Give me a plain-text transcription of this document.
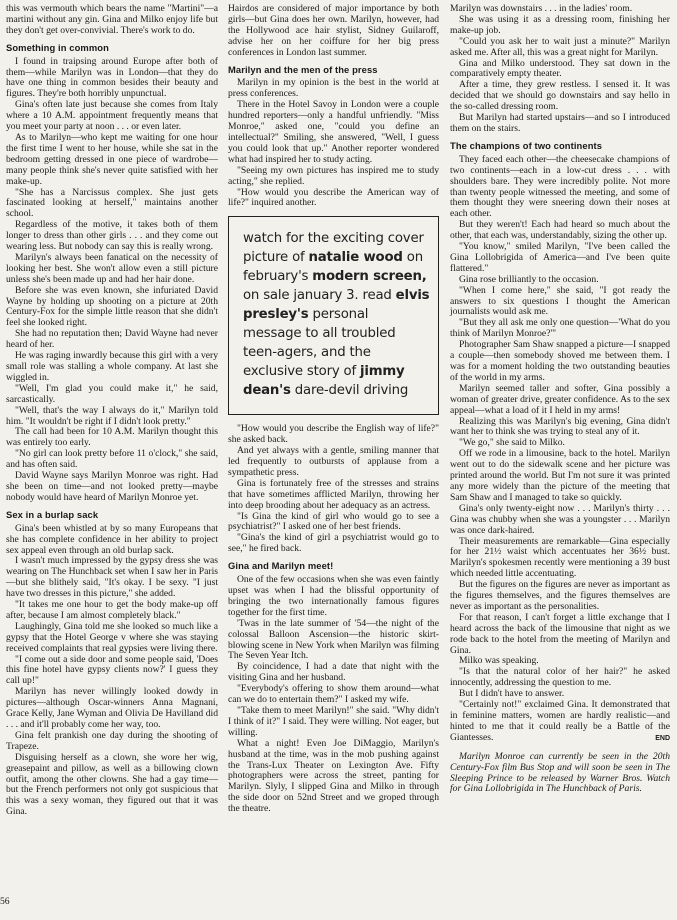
this was vermouth which bears the name "Martini"—a martini without any gin. Gina and Milko enjoy life but they don't get over-convivial. There's work to do.

Something in common

I found in traipsing around Europe after both of them—while Marilyn was in London—that they do have one thing in common besides their beauty and figures. They're both horribly unpunctual.

Gina's often late just because she comes from Italy where a 10 A.M. appointment frequently means that you meet your party at noon . . . or even later.

As to Marilyn—who kept me waiting for one hour the first time I went to her house, while she sat in the bedroom getting dressed in one piece of wardrobe—many people think she's never quite satisfied with her make-up.

"She has a Narcissus complex. She just gets fascinated looking at herself," maintains another school.

Regardless of the motive, it takes both of them longer to dress than other girls . . . and they come out wearing less. But nobody can say this is really wrong.

Marilyn's always been fanatical on the necessity of looking her best. She won't allow even a still picture unless she's been made up and had her hair done.

Before she was even known, she infuriated David Wayne by holding up shooting on a picture at 20th Century-Fox for the simple little reason that she didn't feel she looked right.

She had no reputation then; David Wayne had never heard of her.

He was raging inwardly because this girl with a very small role was stalling a whole company. At last she wiggled in.

"Well, I'm glad you could make it," he said, sarcastically.

"Well, that's the way I always do it," Marilyn told him. "It wouldn't be right if I didn't look pretty."

The call had been for 10 A.M. Marilyn thought this was entirely too early.

"No girl can look pretty before 11 o'clock," she said, and has often said.

David Wayne says Marilyn Monroe was right. Had she been on time—and not looked pretty—maybe nobody would have heard of Marilyn Monroe yet.

Sex in a burlap sack

Gina's been whistled at by so many Europeans that she has complete confidence in her ability to project sex appeal even through an old burlap sack.

I wasn't much impressed by the gypsy dress she was wearing on The Hunchback set when I saw her in Paris—but she blithely said, "It's okay. I be sexy. "I just have two dresses in this picture," she added.

"It takes me one hour to get the body make-up off after, because I am almost completely black."

Laughingly, Gina told me she looked so much like a gypsy that the Hotel George v where she was staying received complaints that real gypsies were living there.

"I come out a side door and some people said, 'Does this fine hotel have gypsy clients now?' I guess they call up!"

Marilyn has never willingly looked dowdy in pictures—although Oscar-winners Anna Magnani, Grace Kelly, Jane Wyman and Olivia De Havilland did . . . and it'll probably come her way, too.

Gina felt prankish one day during the shooting of Trapeze.

Disguising herself as a clown, she wore her wig, greasepaint and pillow, as well as a billowing clown outfit, among the other clowns. She had a gay time—but the French performers not only got suspicious that this was a sexy woman, they figured out that it was Gina.

Hairdos are considered of major importance by both girls—but Gina does her own. Marilyn, however, had the Hollywood ace hair stylist, Sidney Guilaroff, advise her on her coiffure for her big press conferences in London last summer.

Marilyn and the men of the press

Marilyn in my opinion is the best in the world at press conferences.

There in the Hotel Savoy in London were a couple hundred reporters—only a handful unfriendly. "Miss Monroe," asked one, "could you define an intellectual?" Smiling, she answered, "Well, I guess you could look that up." Another reporter wondered what had inspired her to study acting.

"Seeing my own pictures has inspired me to study acting," she replied.

"How would you describe the American way of life?" inquired another.

watch for the exciting cover picture of natalie wood on february's modern screen, on sale january 3. read elvis presley's personal message to all troubled teen-agers, and the exclusive story of jimmy dean's dare-devil driving

"How would you describe the English way of life?" she asked back.

And yet always with a gentle, smiling manner that led frequently to outbursts of applause from a sympathetic press.

Gina is fortunately free of the stresses and strains that have sometimes afflicted Marilyn, throwing her into deep brooding about her adequacy as an actress.

"Is Gina the kind of girl who would go to see a psychiatrist?" I asked one of her best friends.

"Gina's the kind of girl a psychiatrist would go to see," he fired back.

Gina and Marilyn meet!

One of the few occasions when she was even faintly upset was when I had the blissful opportunity of bringing the two internationally famous figures together for the first time.

'Twas in the late summer of '54—the night of the colossal Balloon Ascension—the historic skirt-blowing scene in New York when Marilyn was filming The Seven Year Itch.

By coincidence, I had a date that night with the visiting Gina and her husband.

"Everybody's offering to show them around—what can we do to entertain them?" I asked my wife.

"Take them to meet Marilyn!" she said. "Why didn't I think of it?" I said. They were willing. Not eager, but willing.

What a night! Even Joe DiMaggio, Marilyn's husband at the time, was in the mob pushing against the Trans-Lux Theater on Lexington Ave. Fifty photographers were across the street, panting for Marilyn. Slyly, I slipped Gina and Milko in through the side door on 52nd Street and we groped through the theatre.

Marilyn was downstairs . . . in the ladies' room.

She was using it as a dressing room, finishing her make-up job.

"Could you ask her to wait just a minute?" Marilyn asked me. After all, this was a great night for Marilyn.

Gina and Milko understood. They sat down in the comparatively empty theater.

After a time, they grew restless. I sensed it. It was decided that we should go downstairs and say hello in the so-called dressing room.

But Marilyn had started upstairs—and so I introduced them on the stairs.

The champions of two continents

They faced each other—the cheesecake champions of two continents—each in a low-cut dress . . . with shoulders bare. They were incredibly polite. Not more than twenty people witnessed the meeting, and some of them thought they were sneering down their noses at each other.

But they weren't! Each had heard so much about the other, that each was, understandably, sizing the other up.

"You know," smiled Marilyn, "I've been called the Gina Lollobrigida of America—and I've been quite flattered."

Gina rose brilliantly to the occasion.

"When I come here," she said, "I got ready the answers to six questions I thought the American journalists would ask me.

"But they all ask me only one question—'What do you think of Marilyn Monroe?'"

Photographer Sam Shaw snapped a picture—I snapped a couple—then somebody shoved me between them. I was for a moment holding the two outstanding beauties of the world in my arms.

Marilyn seemed taller and softer, Gina possibly a woman of greater drive, greater confidence. As to the sex appeal—what a load of it I held in my arms!

Realizing this was Marilyn's big evening, Gina didn't want her to think she was trying to steal any of it.

"We go," she said to Milko.

Off we rode in a limousine, back to the hotel. Marilyn went out to do the sidewalk scene and her picture was printed around the world. But I'm not sure it was printed any more widely than the picture of the meeting that Sam Shaw and I managed to take so quickly.

Gina's only twenty-eight now . . . Marilyn's thirty . . . Gina was chubby when she was a youngster . . . Marilyn was once dark-haired.

Their measurements are remarkable—Gina especially for her 21½ waist which accentuates her 36½ bust. Marilyn's spokesmen recently were mentioning a 39 bust which needed little accentuating.

But the figures on the figures are never as important as the figures themselves, and the figures themselves are never as important as the personalities.

For that reason, I can't forget a little exchange that I heard across the back of the limousine that night as we rode back to the hotel from the meeting of Marilyn and Gina.

Milko was speaking.

"Is that the natural color of her hair?" he asked innocently, addressing the question to me.

But I didn't have to answer.

"Certainly not!" exclaimed Gina. It demonstrated that in feminine matters, women are hardly realistic—and hinted to me that it could really be a Battle of the Giantesses.	END

Marilyn Monroe can currently be seen in the 20th Century-Fox film Bus Stop and will soon be seen in The Sleeping Prince to be released by Warner Bros. Watch for Gina Lollobrigida in The Hunchback of Paris.

56
